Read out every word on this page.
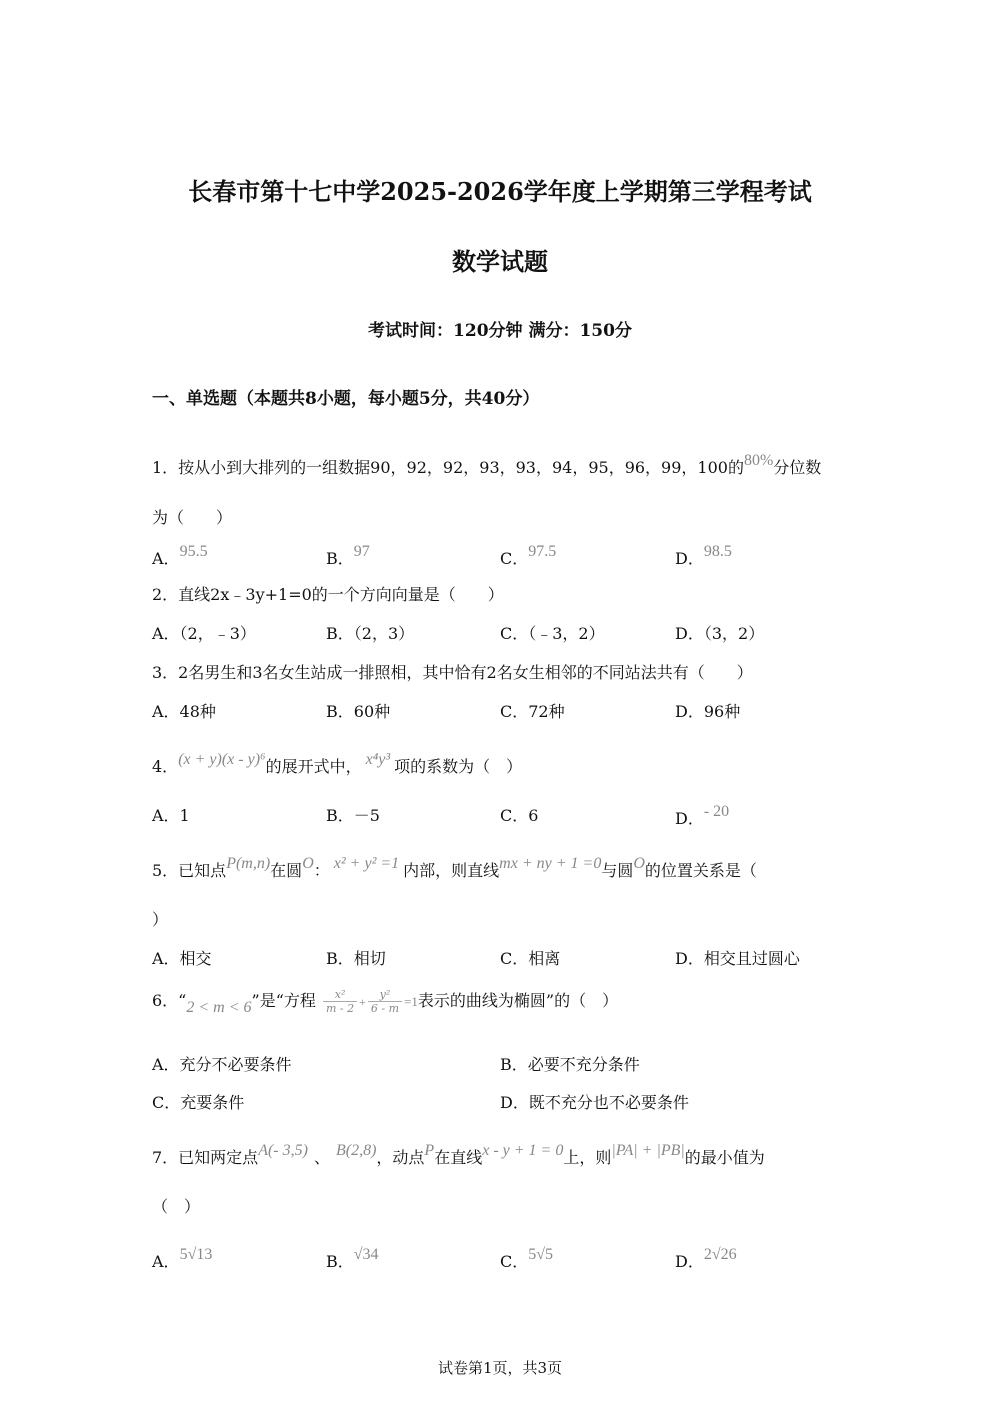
长春市第十七中学2025-2026学年度上学期第三学程考试
数学试题
考试时间：120分钟 满分：150分
一、单选题（本题共8小题，每小题5分，共40分）
1．按从小到大排列的一组数据90，92，92，93，93，94，95，96，99，100的80%分位数
为（　　）
A．95.5	B．97	C．97.5	D．98.5
2．直线2x﹣3y+1=0的一个方向向量是（　　）
A．（2，﹣3）	B．（2，3）	C．（﹣3，2）	D．（3，2）
3．2名男生和3名女生站成一排照相，其中恰有2名女生相邻的不同站法共有（　　）
A．48种	B．60种	C．72种	D．96种
4．(x + y)(x - y)⁶的展开式中， x⁴y³ 项的系数为（　）
A．1	B．－5	C．6	D．- 20
5．已知点P(m,n)在圆O： x² + y² =1 内部，则直线mx + ny + 1 =0与圆O的位置关系是（
）
A．相交	B．相切	C．相离	D．相交且过圆心
6．“2 < m < 6”是“方程 $\frac{\text{x²}}{m - 2} + \frac{\text{y²}}{6 - m} =1$表示的曲线为椭圆”的（　）
A．充分不必要条件	B．必要不充分条件
C．充要条件	D．既不充分也不必要条件
7．已知两定点A(- 3,5) 、 B(2,8)，动点P在直线x - y + 1 = 0上，则|PA| + |PB|的最小值为
（　）
A．5√13	B．√34	C．5√5	D．2√26
试卷第1页，共3页
